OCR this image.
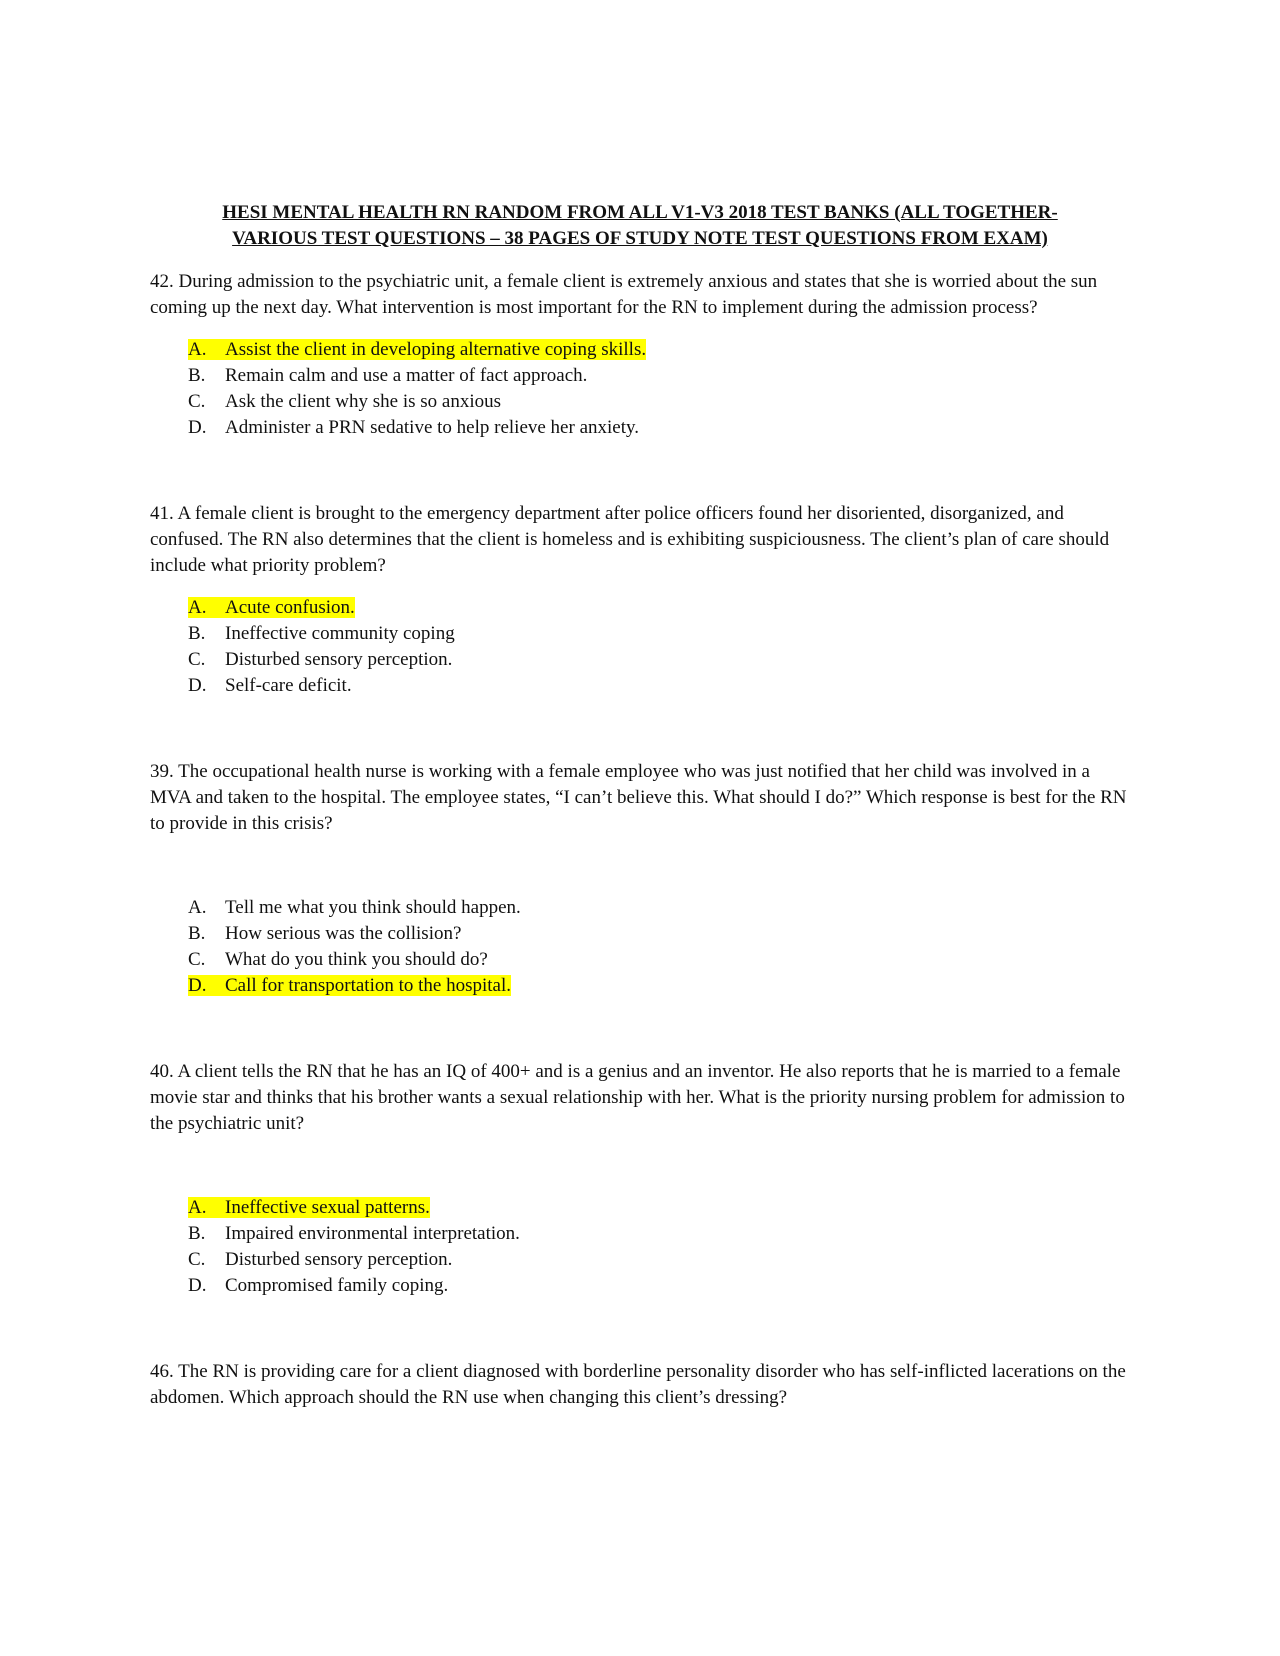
HESI MENTAL HEALTH RN RANDOM FROM ALL V1-V3 2018 TEST BANKS (ALL TOGETHER-
VARIOUS TEST QUESTIONS – 38 PAGES OF STUDY NOTE TEST QUESTIONS FROM EXAM)

42. During admission to the psychiatric unit, a female client is extremely anxious and states that she is worried about the sun coming up the next day. What intervention is most important for the RN to implement during the admission process?

A. Assist the client in developing alternative coping skills.
B. Remain calm and use a matter of fact approach.
C. Ask the client why she is so anxious
D. Administer a PRN sedative to help relieve her anxiety.

41. A female client is brought to the emergency department after police officers found her disoriented, disorganized, and confused. The RN also determines that the client is homeless and is exhibiting suspiciousness. The client’s plan of care should include what priority problem?

A. Acute confusion.
B. Ineffective community coping
C. Disturbed sensory perception.
D. Self-care deficit.

39. The occupational health nurse is working with a female employee who was just notified that her child was involved in a MVA and taken to the hospital. The employee states, “I can’t believe this. What should I do?” Which response is best for the RN to provide in this crisis?

A. Tell me what you think should happen.
B. How serious was the collision?
C. What do you think you should do?
D. Call for transportation to the hospital.

40. A client tells the RN that he has an IQ of 400+ and is a genius and an inventor. He also reports that he is married to a female movie star and thinks that his brother wants a sexual relationship with her. What is the priority nursing problem for admission to the psychiatric unit?

A. Ineffective sexual patterns.
B. Impaired environmental interpretation.
C. Disturbed sensory perception.
D. Compromised family coping.

46. The RN is providing care for a client diagnosed with borderline personality disorder who has self-inflicted lacerations on the abdomen. Which approach should the RN use when changing this client’s dressing?
